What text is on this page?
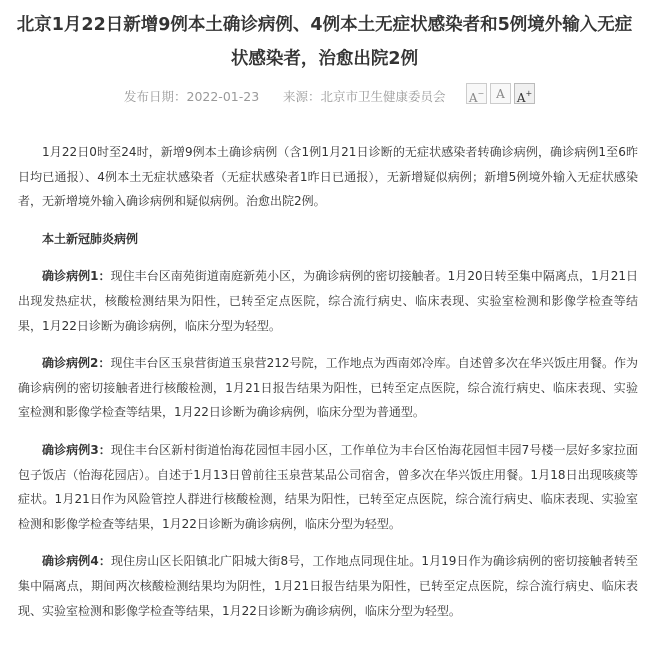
北京1月22日新增9例本土确诊病例、4例本土无症状感染者和5例境外输入无症状感染者，治愈出院2例
发布日期：2022-01-23 来源：北京市卫生健康委员会 A− A A+

1月22日0时至24时，新增9例本土确诊病例（含1例1月21日诊断的无症状感染者转确诊病例，确诊病例1至6昨日均已通报）、4例本土无症状感染者（无症状感染者1昨日已通报），无新增疑似病例；新增5例境外输入无症状感染者，无新增境外输入确诊病例和疑似病例。治愈出院2例。

本土新冠肺炎病例

确诊病例1：现住丰台区南苑街道南庭新苑小区，为确诊病例的密切接触者。1月20日转至集中隔离点，1月21日出现发热症状，核酸检测结果为阳性，已转至定点医院，综合流行病史、临床表现、实验室检测和影像学检查等结果，1月22日诊断为确诊病例，临床分型为轻型。

确诊病例2：现住丰台区玉泉营街道玉泉营212号院，工作地点为西南郊冷库。自述曾多次在华兴饭庄用餐。作为确诊病例的密切接触者进行核酸检测，1月21日报告结果为阳性，已转至定点医院，综合流行病史、临床表现、实验室检测和影像学检查等结果，1月22日诊断为确诊病例，临床分型为普通型。

确诊病例3：现住丰台区新村街道怡海花园恒丰园小区，工作单位为丰台区怡海花园恒丰园7号楼一层好多家拉面包子饭店（怡海花园店）。自述于1月13日曾前往玉泉营某品公司宿舍，曾多次在华兴饭庄用餐。1月18日出现咳痰等症状。1月21日作为风险管控人群进行核酸检测，结果为阳性，已转至定点医院，综合流行病史、临床表现、实验室检测和影像学检查等结果，1月22日诊断为确诊病例，临床分型为轻型。

确诊病例4：现住房山区长阳镇北广阳城大街8号，工作地点同现住址。1月19日作为确诊病例的密切接触者转至集中隔离点，期间两次核酸检测结果均为阴性，1月21日报告结果为阳性，已转至定点医院，综合流行病史、临床表现、实验室检测和影像学检查等结果，1月22日诊断为确诊病例，临床分型为轻型。
